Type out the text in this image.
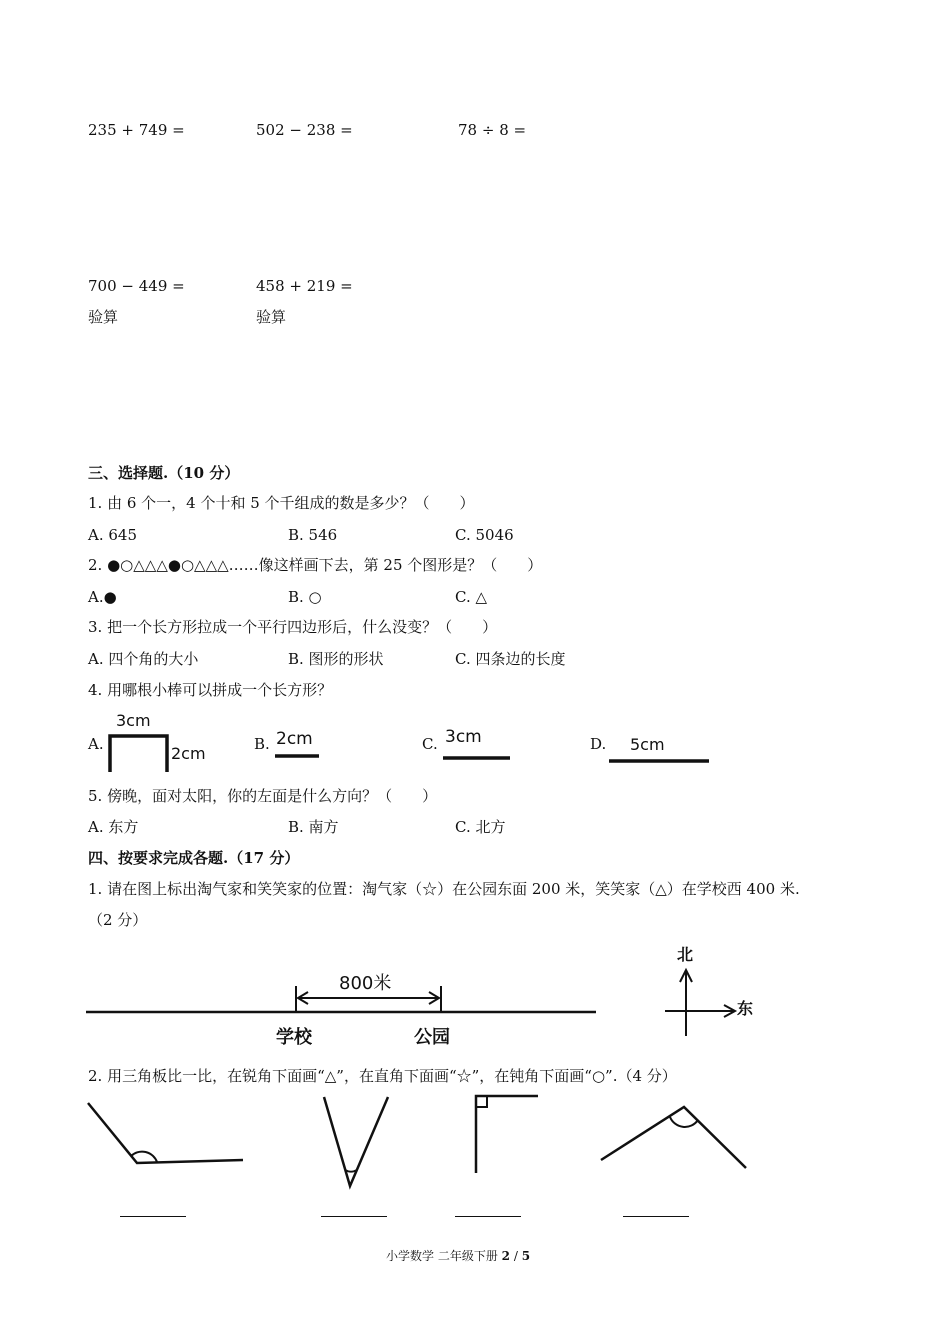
235 + 749 =	502 − 238 =	78 ÷ 8 =
700 − 449 =	458 + 219 =
验算	验算
三、选择题.（10 分）
1. 由 6 个一，4 个十和 5 个千组成的数是多少？（　　）
A. 645	B. 546	C. 5046
2. ●○△△△●○△△△……像这样画下去，第 25 个图形是？（　　）
A.●	B. ○	C. △
3. 把一个长方形拉成一个平行四边形后，什么没变？（　　）
A. 四个角的大小	B. 图形的形状	C. 四条边的长度
4. 用哪根小棒可以拼成一个长方形？
A.
3cm
2cm	B. 2cm	C. 3cm	D. 5cm
5. 傍晚，面对太阳，你的左面是什么方向？（　　）
A. 东方	B. 南方	C. 北方
四、按要求完成各题.（17 分）
1. 请在图上标出淘气家和笑笑家的位置：淘气家（☆）在公园东面 200 米，笑笑家（△）在学校西 400 米.
（2 分）
800米
学校	公园
北
东
2. 用三角板比一比，在锐角下面画“△”，在直角下面画“☆”，在钝角下面画“○”.（4 分）
小学数学 二年级下册 2 / 5
